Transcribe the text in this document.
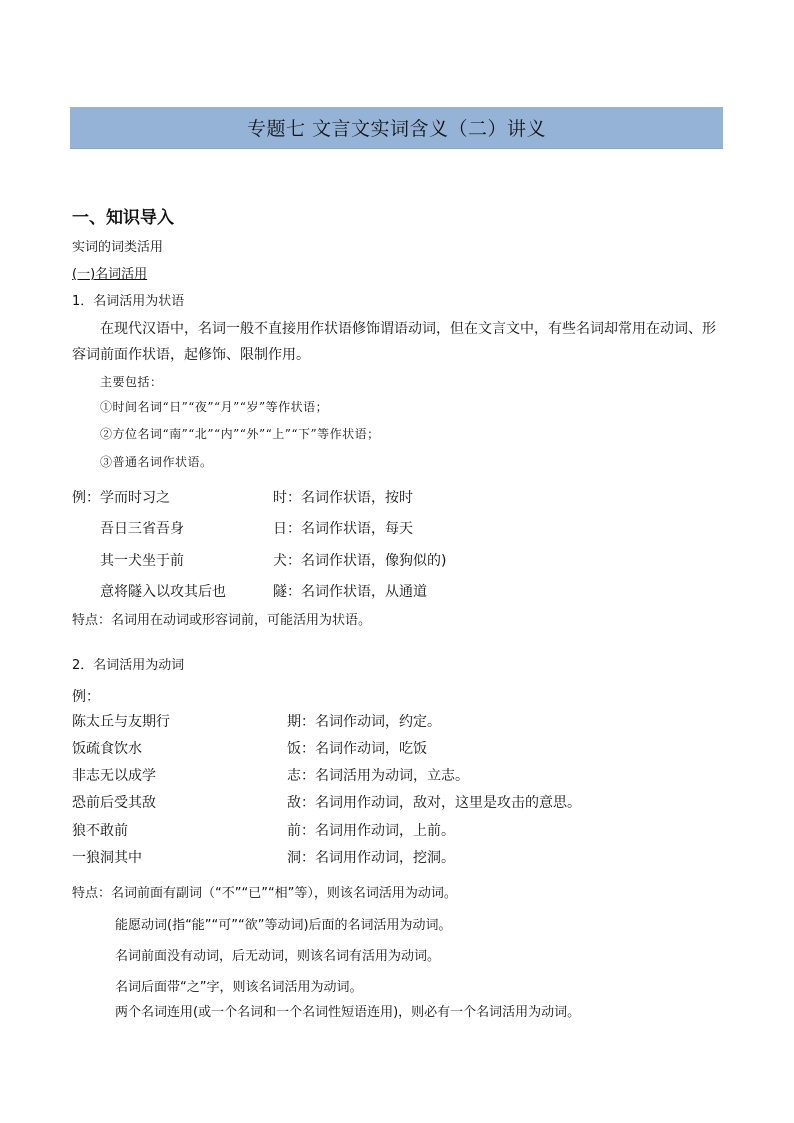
专题七 文言文实词含义（二）讲义
一、知识导入
实词的词类活用
(一)名词活用
1．名词活用为状语
在现代汉语中，名词一般不直接用作状语修饰谓语动词，但在文言文中，有些名词却常用在动词、形
容词前面作状语，起修饰、限制作用。
主要包括：
①时间名词“日”“夜”“月”“岁”等作状语；
②方位名词“南”“北”“内”“外”“上”“下”等作状语；
③普通名词作状语。
例：学而时习之	时：名词作状语，按时
吾日三省吾身	日：名词作状语，每天
其一犬坐于前	犬：名词作状语，像狗似的)
意将隧入以攻其后也	隧：名词作状语，从通道
特点：名词用在动词或形容词前，可能活用为状语。
2．名词活用为动词
例：
陈太丘与友期行	期：名词作动词，约定。
饭疏食饮水	饭：名词作动词，吃饭
非志无以成学	志：名词活用为动词，立志。
恐前后受其敌	敌：名词用作动词，敌对，这里是攻击的意思。
狼不敢前	前：名词用作动词，上前。
一狼洞其中	洞：名词用作动词，挖洞。
特点：名词前面有副词（“不”“已”“相”等），则该名词活用为动词。
能愿动词(指“能”“可”“欲”等动词)后面的名词活用为动词。
名词前面没有动词，后无动词，则该名词有活用为动词。
名词后面带“之”字，则该名词活用为动词。
两个名词连用(或一个名词和一个名词性短语连用)，则必有一个名词活用为动词。
